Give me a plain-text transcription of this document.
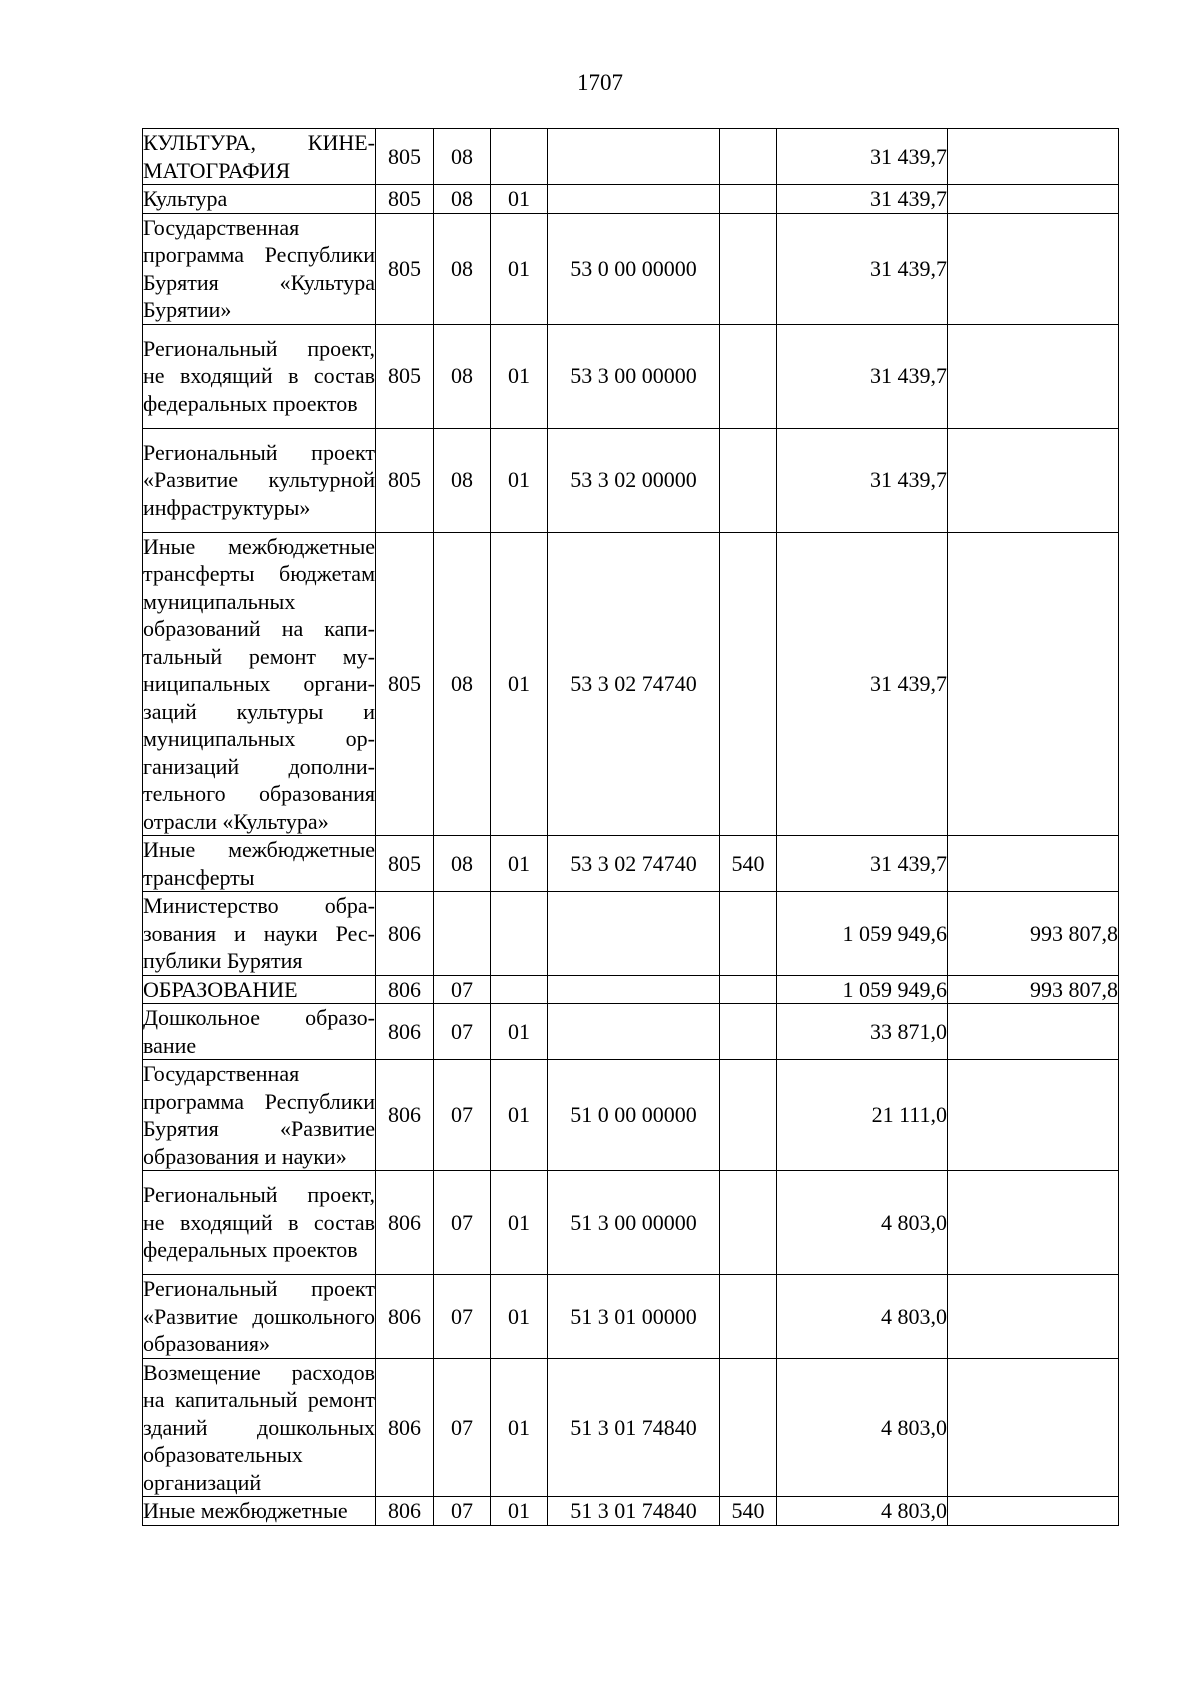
1707
КУЛЬТУРА, КИНЕМАТОГРАФИЯ	805	08				31 439,7	
Культура	805	08	01			31 439,7	
Государственная программа Республики Бурятия «Культура Бурятии»	805	08	01	53 0 00 00000		31 439,7	
Региональный проект, не входящий в состав федеральных проектов	805	08	01	53 3 00 00000		31 439,7	
Региональный проект «Развитие культурной инфраструктуры»	805	08	01	53 3 02 00000		31 439,7	
Иные межбюджетные трансферты бюджетам муниципальных образований на капитальный ремонт муниципальных организаций культуры и муниципальных организаций дополнительного образования отрасли «Культура»	805	08	01	53 3 02 74740		31 439,7	
Иные межбюджетные трансферты	805	08	01	53 3 02 74740	540	31 439,7	
Министерство образования и науки Республики Бурятия	806					1 059 949,6	993 807,8
ОБРАЗОВАНИЕ	806	07				1 059 949,6	993 807,8
Дошкольное образование	806	07	01			33 871,0	
Государственная программа Республики Бурятия «Развитие образования и науки»	806	07	01	51 0 00 00000		21 111,0	
Региональный проект, не входящий в состав федеральных проектов	806	07	01	51 3 00 00000		4 803,0	
Региональный проект «Развитие дошкольного образования»	806	07	01	51 3 01 00000		4 803,0	
Возмещение расходов на капитальный ремонт зданий дошкольных образовательных организаций	806	07	01	51 3 01 74840		4 803,0	
Иные межбюджетные	806	07	01	51 3 01 74840	540	4 803,0	
